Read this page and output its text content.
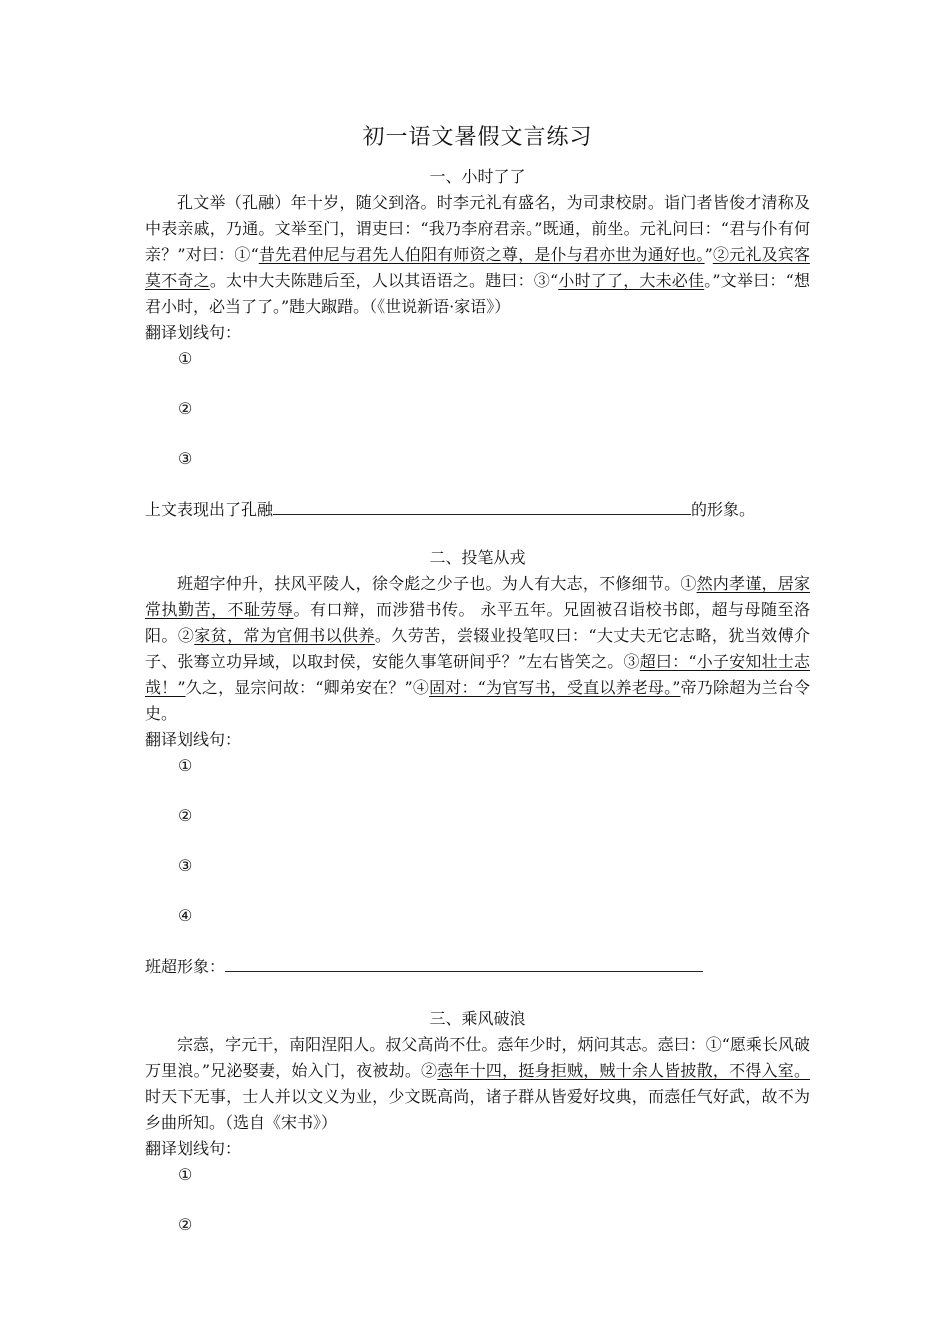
初一语文暑假文言练习
一、小时了了

孔文举（孔融）年十岁，随父到洛。时李元礼有盛名，为司隶校尉。诣门者皆俊才清称及中表亲戚，乃通。文举至门，谓吏曰：“我乃李府君亲。”既通，前坐。元礼问曰：“君与仆有何亲？”对曰：①“昔先君仲尼与君先人伯阳有师资之尊，是仆与君亦世为通好也。”②元礼及宾客莫不奇之。太中大夫陈韪后至，人以其语语之。韪曰：③“小时了了，大未必佳。”文举曰：“想君小时，必当了了。”韪大踧踖。（《世说新语·家语》）

翻译划线句：
①
②
③
上文表现出了孔融	的形象。
二、投笔从戎

班超字仲升，扶风平陵人，徐令彪之少子也。为人有大志，不修细节。①然内孝谨，居家常执勤苦，不耻劳辱。有口辩，而涉猎书传。 永平五年。兄固被召诣校书郎，超与母随至洛阳。②家贫，常为官佣书以供养。久劳苦，尝辍业投笔叹曰：“大丈夫无它志略，犹当效傅介子、张骞立功异域，以取封侯，安能久事笔研间乎？”左右皆笑之。③超曰：“小子安知壮士志哉！”久之，显宗问故：“卿弟安在？”④固对：“为官写书，受直以养老母。”帝乃除超为兰台令史。

翻译划线句：
①
②
③
④
班超形象：
三、乘风破浪

宗悫，字元干，南阳涅阳人。叔父高尚不仕。悫年少时，炳问其志。悫曰：①“愿乘长风破万里浪。”兄泌娶妻，始入门，夜被劫。②悫年十四，挺身拒贼，贼十余人皆披散，不得入室。时天下无事，士人并以文义为业，少文既高尚，诸子群从皆爱好坟典，而悫任气好武，故不为乡曲所知。（选自《宋书》）

翻译划线句：
①
②
